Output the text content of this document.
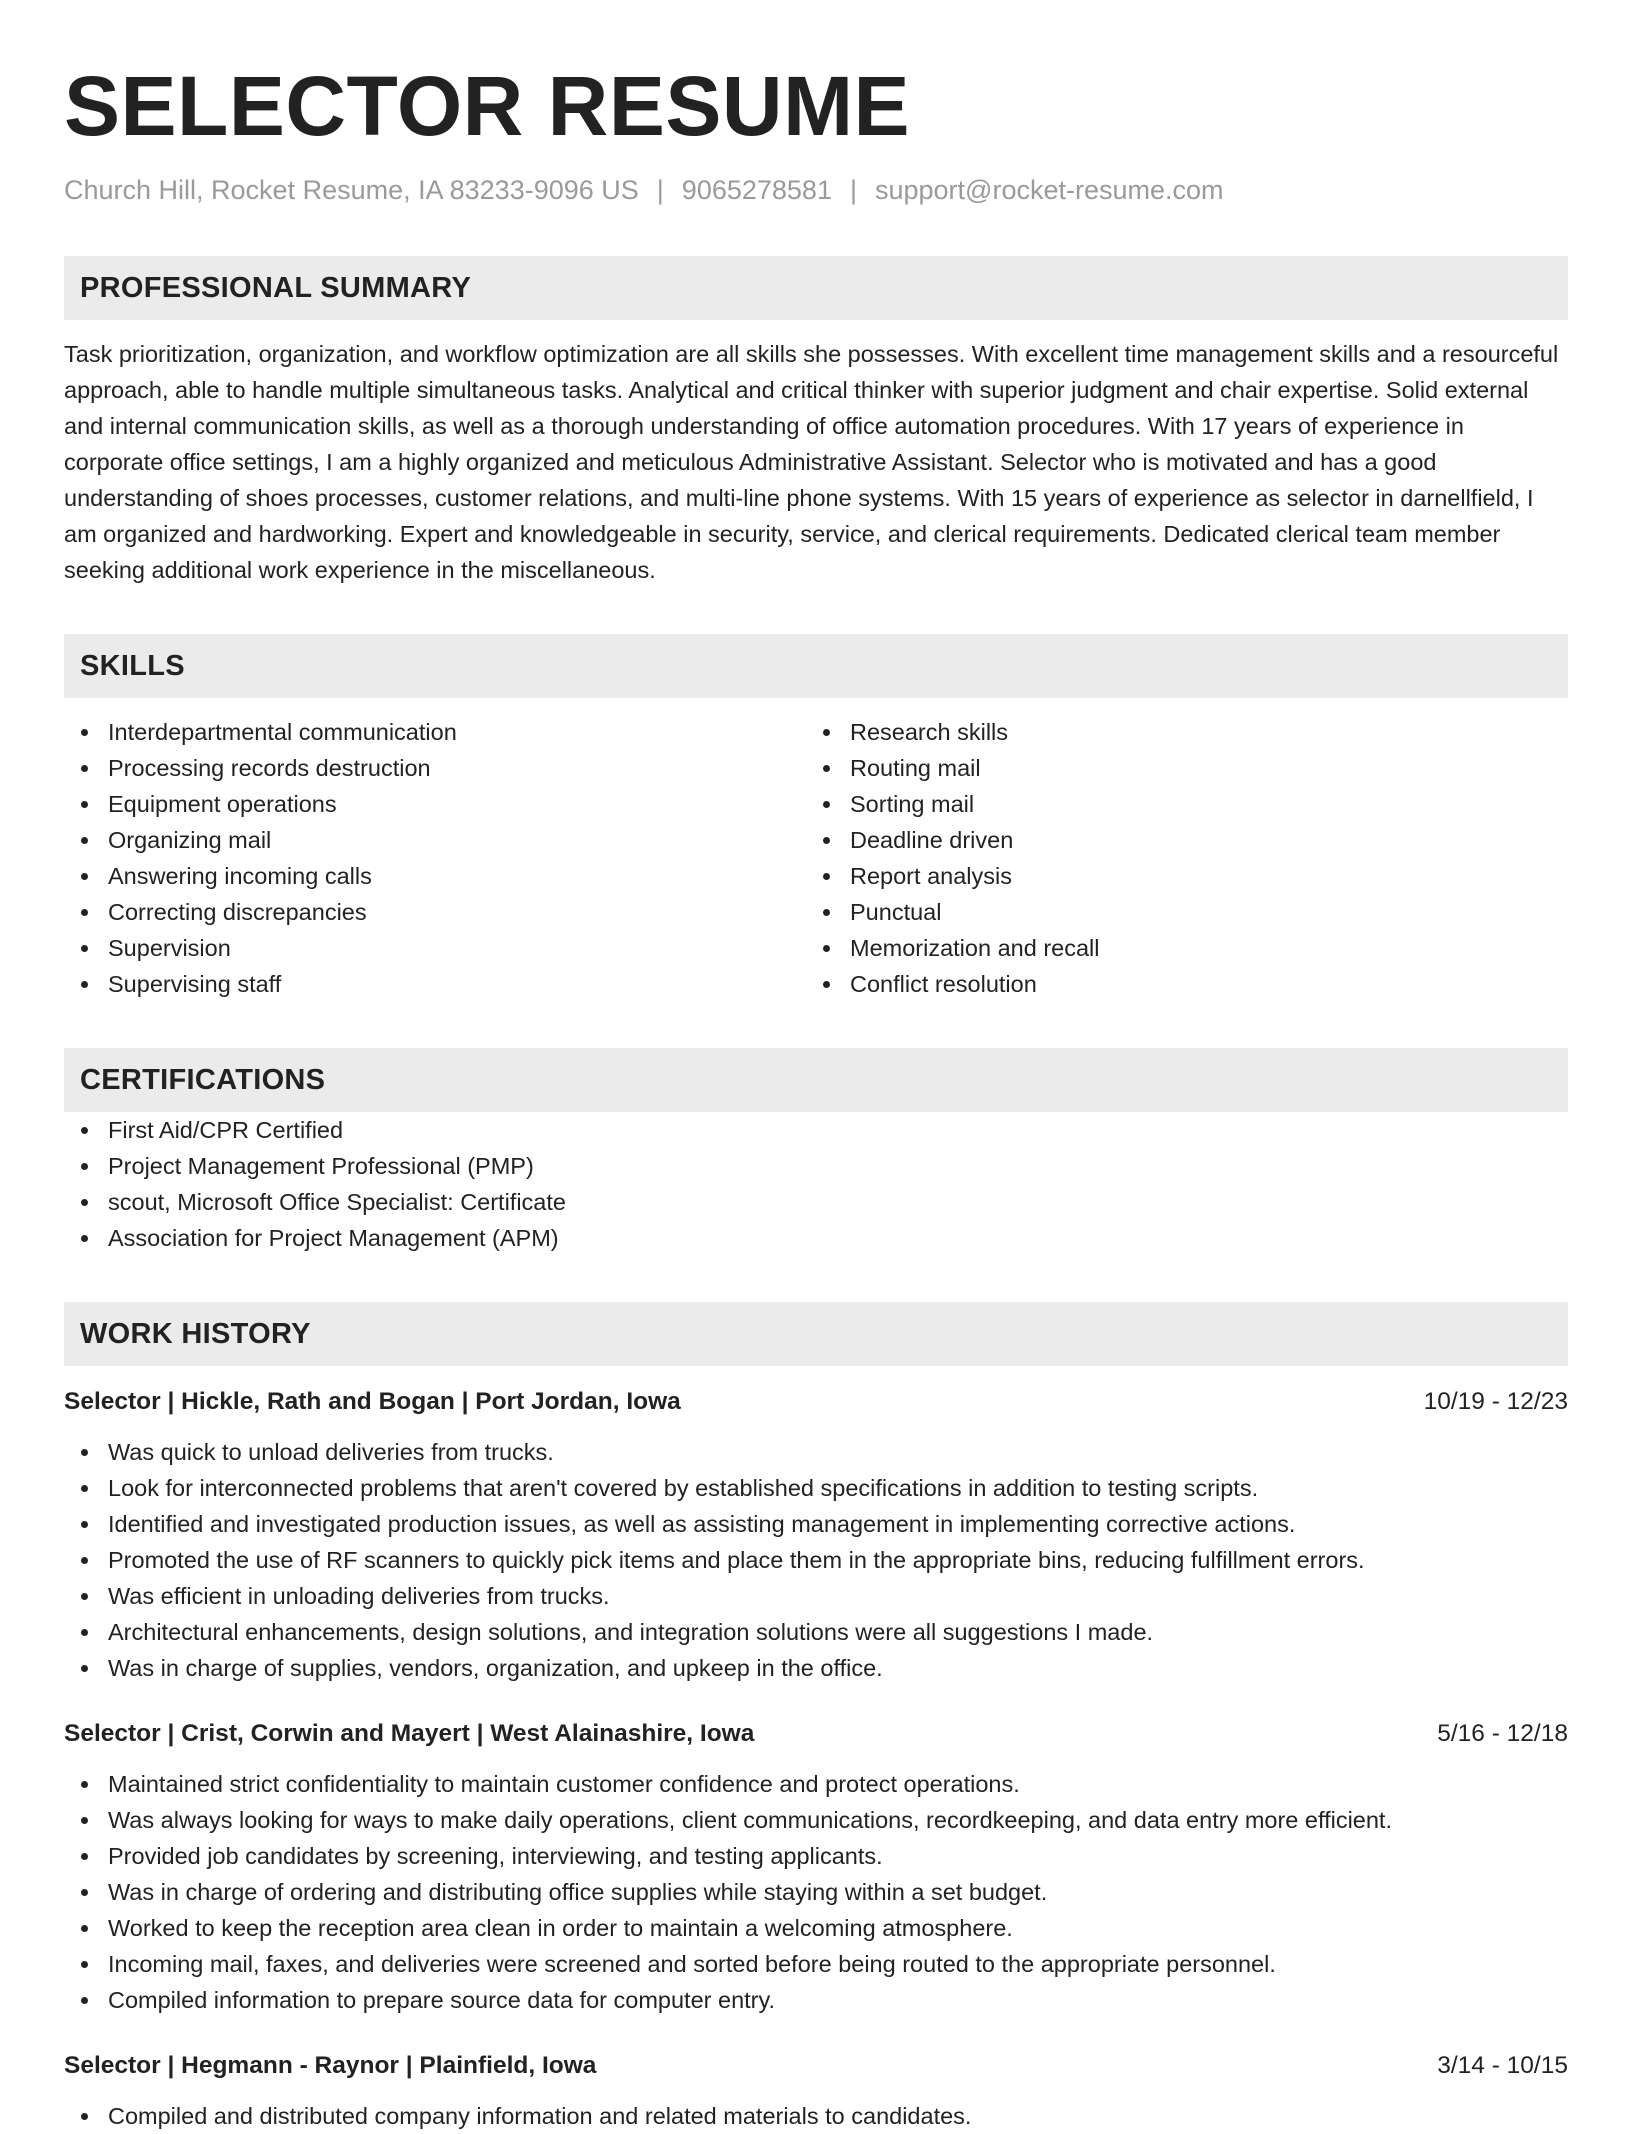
SELECTOR RESUME
Church Hill, Rocket Resume, IA 83233-9096 US | 9065278581 | support@rocket-resume.com
PROFESSIONAL SUMMARY
Task prioritization, organization, and workflow optimization are all skills she possesses. With excellent time management skills and a resourceful approach, able to handle multiple simultaneous tasks. Analytical and critical thinker with superior judgment and chair expertise. Solid external and internal communication skills, as well as a thorough understanding of office automation procedures. With 17 years of experience in corporate office settings, I am a highly organized and meticulous Administrative Assistant. Selector who is motivated and has a good understanding of shoes processes, customer relations, and multi-line phone systems. With 15 years of experience as selector in darnellfield, I am organized and hardworking. Expert and knowledgeable in security, service, and clerical requirements. Dedicated clerical team member seeking additional work experience in the miscellaneous.
SKILLS
Interdepartmental communication
Processing records destruction
Equipment operations
Organizing mail
Answering incoming calls
Correcting discrepancies
Supervision
Supervising staff
Research skills
Routing mail
Sorting mail
Deadline driven
Report analysis
Punctual
Memorization and recall
Conflict resolution
CERTIFICATIONS
First Aid/CPR Certified
Project Management Professional (PMP)
scout, Microsoft Office Specialist: Certificate
Association for Project Management (APM)
WORK HISTORY
Selector | Hickle, Rath and Bogan | Port Jordan, Iowa	10/19 - 12/23
Was quick to unload deliveries from trucks.
Look for interconnected problems that aren't covered by established specifications in addition to testing scripts.
Identified and investigated production issues, as well as assisting management in implementing corrective actions.
Promoted the use of RF scanners to quickly pick items and place them in the appropriate bins, reducing fulfillment errors.
Was efficient in unloading deliveries from trucks.
Architectural enhancements, design solutions, and integration solutions were all suggestions I made.
Was in charge of supplies, vendors, organization, and upkeep in the office.
Selector | Crist, Corwin and Mayert | West Alainashire, Iowa	5/16 - 12/18
Maintained strict confidentiality to maintain customer confidence and protect operations.
Was always looking for ways to make daily operations, client communications, recordkeeping, and data entry more efficient.
Provided job candidates by screening, interviewing, and testing applicants.
Was in charge of ordering and distributing office supplies while staying within a set budget.
Worked to keep the reception area clean in order to maintain a welcoming atmosphere.
Incoming mail, faxes, and deliveries were screened and sorted before being routed to the appropriate personnel.
Compiled information to prepare source data for computer entry.
Selector | Hegmann - Raynor | Plainfield, Iowa	3/14 - 10/15
Compiled and distributed company information and related materials to candidates.
